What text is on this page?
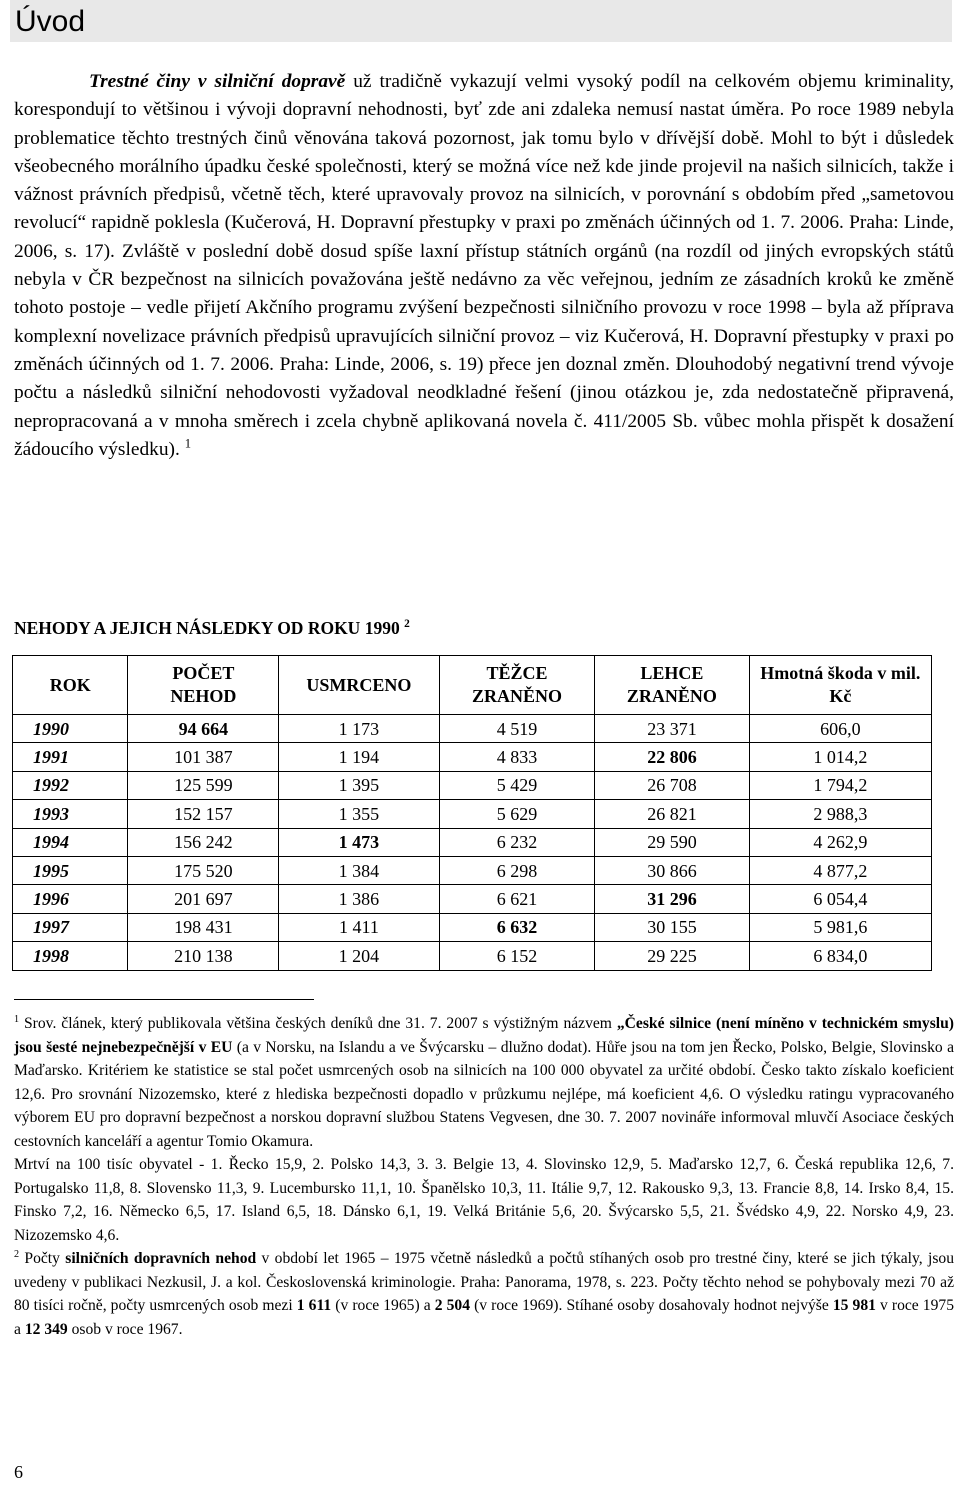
Úvod

Trestné činy v silniční dopravě už tradičně vykazují velmi vysoký podíl na celkovém objemu kriminality, korespondují to většinou i vývoji dopravní nehodnosti, byť zde ani zdaleka nemusí nastat úměra. Po roce 1989 nebyla problematice těchto trestných činů věnována taková pozornost, jak tomu bylo v dřívější době. Mohl to být i důsledek všeobecného morálního úpadku české společnosti, který se možná více než kde jinde projevil na našich silnicích, takže i vážnost právních předpisů, včetně těch, které upravovaly provoz na silnicích, v porovnání s obdobím před „sametovou revolucí“ rapidně poklesla (Kučerová, H. Dopravní přestupky v praxi po změnách účinných od 1. 7. 2006. Praha: Linde, 2006, s. 17). Zvláště v poslední době dosud spíše laxní přístup státních orgánů (na rozdíl od jiných evropských států nebyla v ČR bezpečnost na silnicích považována ještě nedávno za věc veřejnou, jedním ze zásadních kroků ke změně tohoto postoje – vedle přijetí Akčního programu zvýšení bezpečnosti silničního provozu v roce 1998 – byla až příprava komplexní novelizace právních předpisů upravujících silniční provoz – viz Kučerová, H. Dopravní přestupky v praxi po změnách účinných od 1. 7. 2006. Praha: Linde, 2006, s. 19) přece jen doznal změn. Dlouhodobý negativní trend vývoje počtu a následků silniční nehodovosti vyžadoval neodkladné řešení (jinou otázkou je, zda nedostatečně připravená, nepropracovaná a v mnoha směrech i zcela chybně aplikovaná novela č. 411/2005 Sb. vůbec mohla přispět k dosažení žádoucího výsledku). $^1$

NEHODY A JEJICH NÁSLEDKY OD ROKU 1990 $^2$

ROK	POČET NEHOD	USMRCENO	TĚŽCE ZRANĚNO	LEHCE ZRANĚNO	Hmotná škoda v mil. Kč
1990	94 664	1 173	4 519	23 371	606,0
1991	101 387	1 194	4 833	22 806	1 014,2
1992	125 599	1 395	5 429	26 708	1 794,2
1993	152 157	1 355	5 629	26 821	2 988,3
1994	156 242	1 473	6 232	29 590	4 262,9
1995	175 520	1 384	6 298	30 866	4 877,2
1996	201 697	1 386	6 621	31 296	6 054,4
1997	198 431	1 411	6 632	30 155	5 981,6
1998	210 138	1 204	6 152	29 225	6 834,0

$^1$ Srov. článek, který publikovala většina českých deníků dne 31. 7. 2007 s výstižným názvem „České silnice (není míněno v technickém smyslu) jsou šesté nejnebezpečnější v EU (a v Norsku, na Islandu a ve Švýcarsku – dlužno dodat). Hůře jsou na tom jen Řecko, Polsko, Belgie, Slovinsko a Maďarsko. Kritériem ke statistice se stal počet usmrcených osob na silnicích na 100 000 obyvatel za určité období. Česko takto získalo koeficient 12,6. Pro srovnání Nizozemsko, které z hlediska bezpečnosti dopadlo v průzkumu nejlépe, má koeficient 4,6. O výsledku ratingu vypracovaného výborem EU pro dopravní bezpečnost a norskou dopravní službou Statens Vegvesen, dne 30. 7. 2007 novináře informoval mluvčí Asociace českých cestovních kanceláří a agentur Tomio Okamura.

Mrtví na 100 tisíc obyvatel - 1. Řecko 15,9, 2. Polsko 14,3, 3. 3. Belgie 13, 4. Slovinsko 12,9, 5. Maďarsko 12,7, 6. Česká republika 12,6, 7. Portugalsko 11,8, 8. Slovensko 11,3, 9. Lucembursko 11,1, 10. Španělsko 10,3, 11. Itálie 9,7, 12. Rakousko 9,3, 13. Francie 8,8, 14. Irsko 8,4, 15. Finsko 7,2, 16. Německo 6,5, 17. Island 6,5, 18. Dánsko 6,1, 19. Velká Británie 5,6, 20. Švýcarsko 5,5, 21. Švédsko 4,9, 22. Norsko 4,9, 23. Nizozemsko 4,6.

$^2$ Počty silničních dopravních nehod v období let 1965 – 1975 včetně následků a počtů stíhaných osob pro trestné činy, které se jich týkaly, jsou uvedeny v publikaci Nezkusil, J. a kol. Československá kriminologie. Praha: Panorama, 1978, s. 223. Počty těchto nehod se pohybovaly mezi 70 až 80 tisíci ročně, počty usmrcených osob mezi 1 611 (v roce 1965) a 2 504 (v roce 1969). Stíhané osoby dosahovaly hodnot nejvýše 15 981 v roce 1975 a 12 349 osob v roce 1967.

6
